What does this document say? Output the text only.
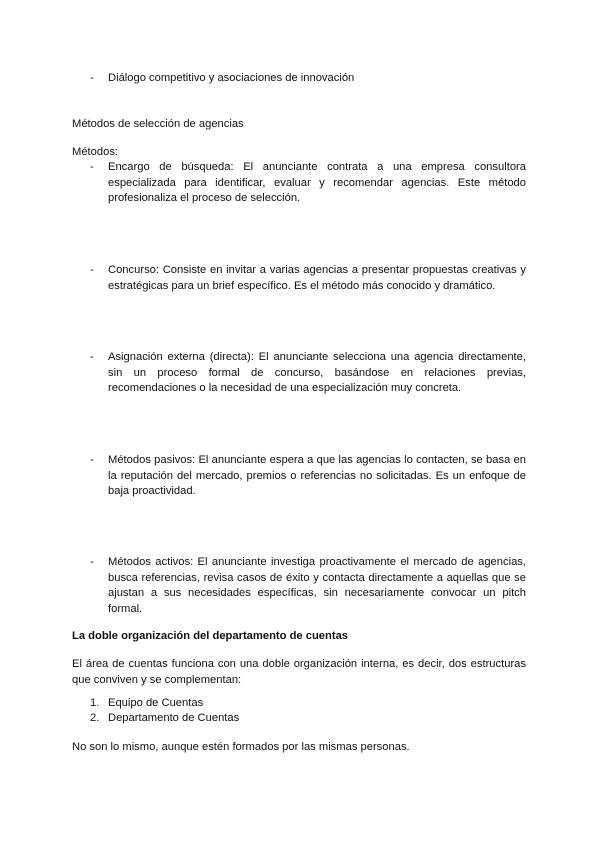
-	Diálogo competitivo y asociaciones de innovación
Métodos de selección de agencias
Métodos:
-	Encargo de búsqueda: El anunciante contrata a una empresa consultora especializada para identificar, evaluar y recomendar agencias. Este método profesionaliza el proceso de selección.
-	Concurso: Consiste en invitar a varias agencias a presentar propuestas creativas y estratégicas para un brief específico. Es el método más conocido y dramático.
-	Asignación externa (directa): El anunciante selecciona una agencia directamente, sin un proceso formal de concurso, basándose en relaciones previas, recomendaciones o la necesidad de una especialización muy concreta.
-	Métodos pasivos: El anunciante espera a que las agencias lo contacten, se basa en la reputación del mercado, premios o referencias no solicitadas. Es un enfoque de baja proactividad.
-	Métodos activos: El anunciante investiga proactivamente el mercado de agencias, busca referencias, revisa casos de éxito y contacta directamente a aquellas que se ajustan a sus necesidades específicas, sin necesariamente convocar un pitch formal.
La doble organización del departamento de cuentas
El área de cuentas funciona con una doble organización interna, es decir, dos estructuras que conviven y se complementan:
1. Equipo de Cuentas
2. Departamento de Cuentas
No son lo mismo, aunque estén formados por las mismas personas.
